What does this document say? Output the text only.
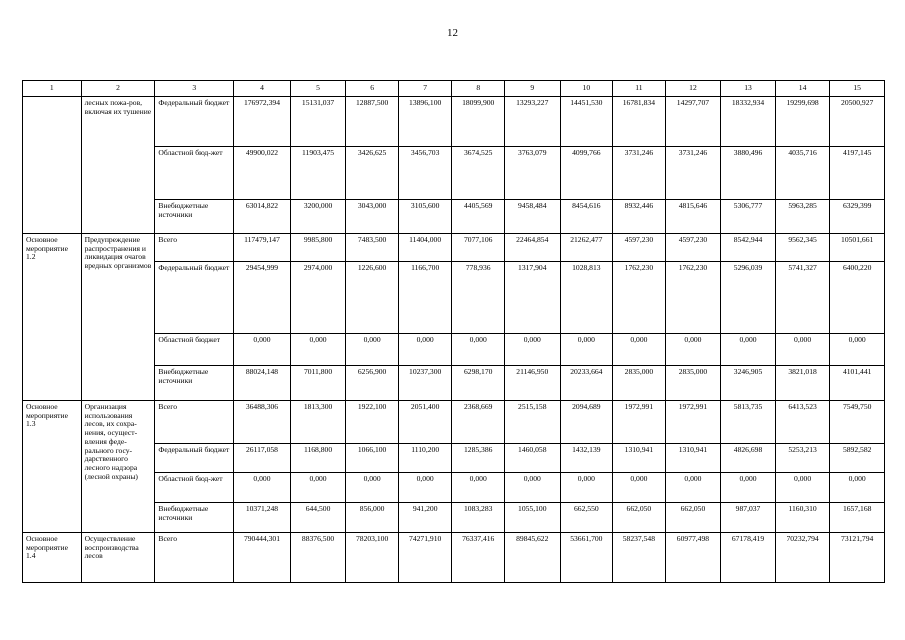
12
1	2	3	4	5	6	7	8	9	10	11	12	13	14	15
	лесных пожа-ров, включая их тушение	Федеральный бюджет	176972,394	15131,037	12887,500	13896,100	18099,900	13293,227	14451,530	16781,834	14297,707	18332,934	19299,698	20500,927
		Областной бюд-жет	49900,022	11903,475	3426,625	3456,703	3674,525	3763,079	4099,766	3731,246	3731,246	3880,496	4035,716	4197,145
		Внебюджетные источники	63014,822	3200,000	3043,000	3105,600	4405,569	9458,484	8454,616	8932,446	4815,646	5306,777	5963,285	6329,399
Основное мероприятие 1.2	Предупреждение распространения и ликвидация очагов вредных организмов	Всего	117479,147	9985,800	7483,500	11404,000	7077,106	22464,854	21262,477	4597,230	4597,230	8542,944	9562,345	10501,661
		Федеральный бюджет	29454,999	2974,000	1226,600	1166,700	778,936	1317,904	1028,813	1762,230	1762,230	5296,039	5741,327	6400,220
		Областной бюджет	0,000	0,000	0,000	0,000	0,000	0,000	0,000	0,000	0,000	0,000	0,000	0,000
		Внебюджетные источники	88024,148	7011,800	6256,900	10237,300	6298,170	21146,950	20233,664	2835,000	2835,000	3246,905	3821,018	4101,441
Основное мероприятие 1.3	Организация использования лесов, их сохра-нения, осущест-вления феде-рального госу-дарственного лесного надзора (лесной охраны)	Всего	36488,306	1813,300	1922,100	2051,400	2368,669	2515,158	2094,689	1972,991	1972,991	5813,735	6413,523	7549,750
		Федеральный бюджет	26117,058	1168,800	1066,100	1110,200	1285,386	1460,058	1432,139	1310,941	1310,941	4826,698	5253,213	5892,582
		Областной бюд-жет	0,000	0,000	0,000	0,000	0,000	0,000	0,000	0,000	0,000	0,000	0,000	0,000
		Внебюджетные источники	10371,248	644,500	856,000	941,200	1083,283	1055,100	662,550	662,050	662,050	987,037	1160,310	1657,168
Основное мероприятие 1.4	Осуществление воспроизводства лесов	Всего	790444,301	88376,500	78203,100	74271,910	76337,416	89845,622	53661,700	58237,548	60977,498	67178,419	70232,794	73121,794
